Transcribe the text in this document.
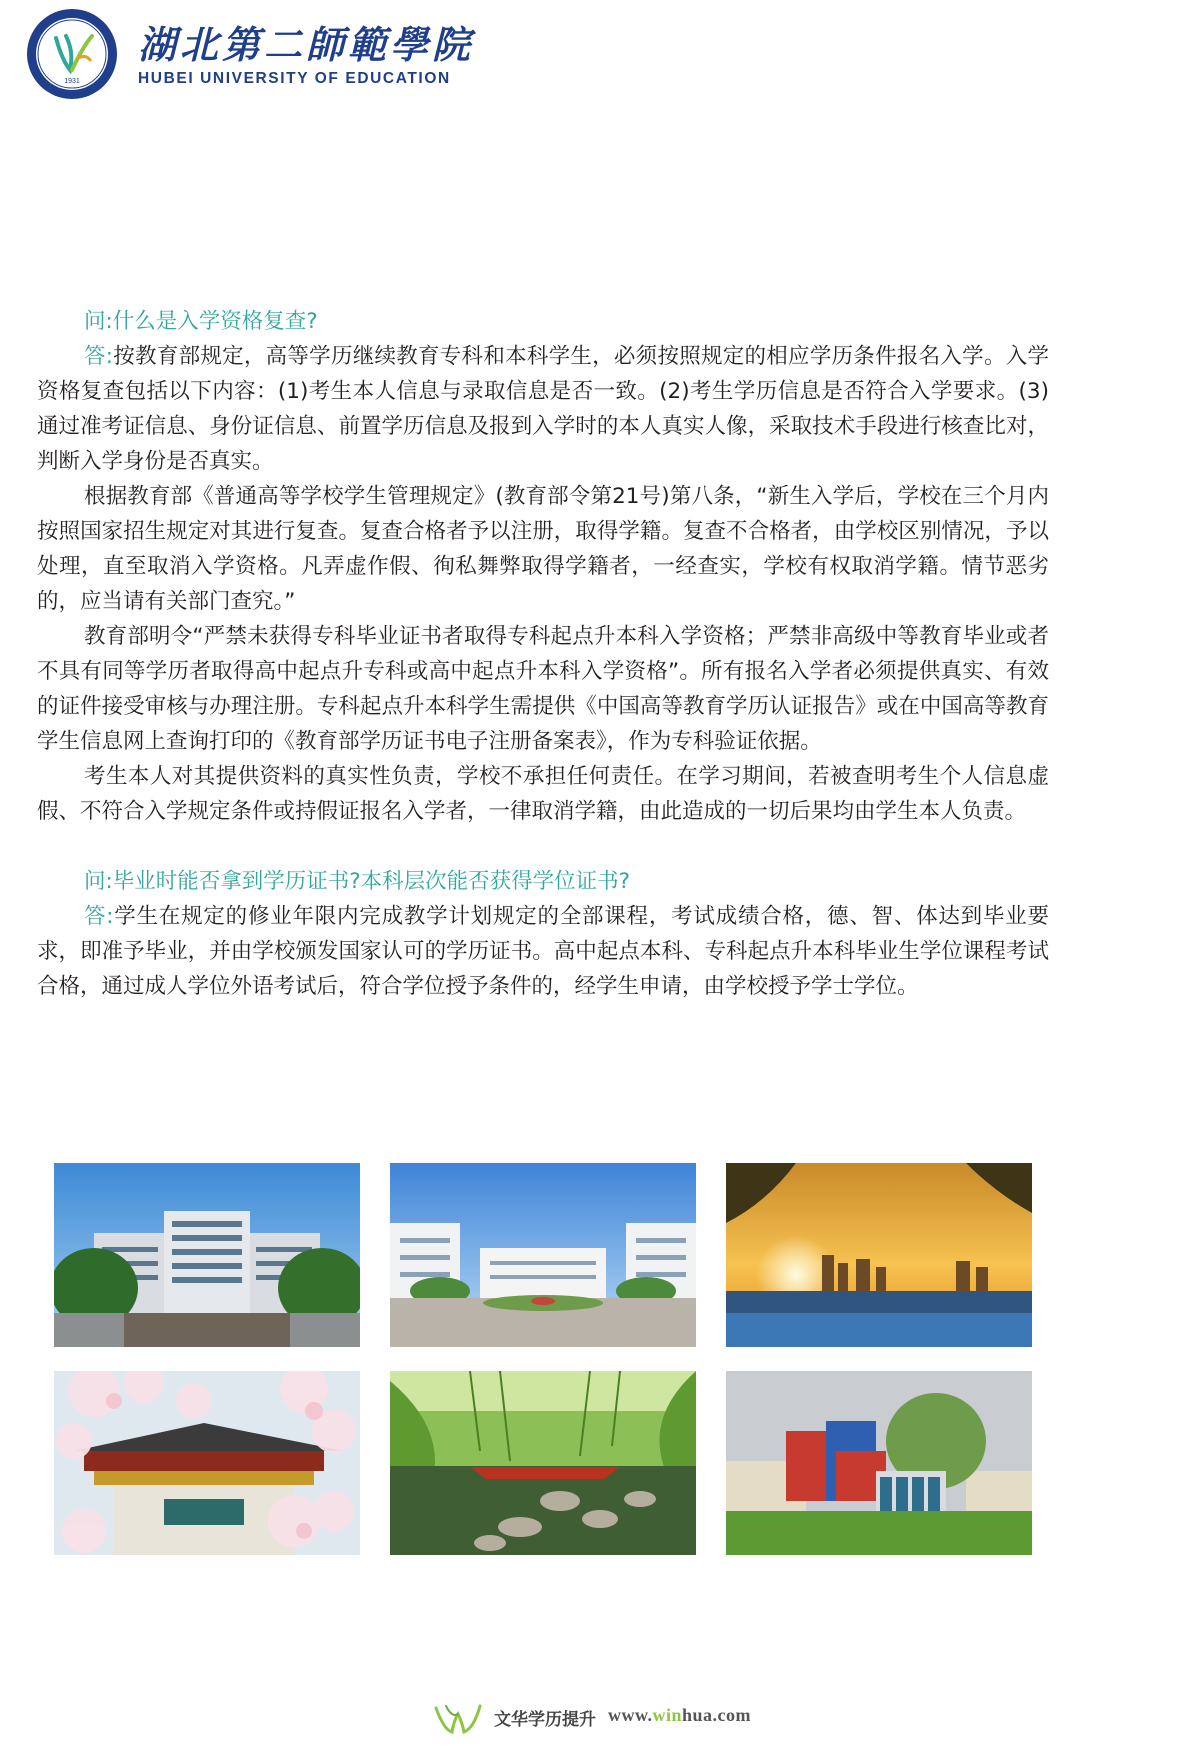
1931
湖北第二師範學院
HUBEI UNIVERSITY OF EDUCATION

问:什么是入学资格复查?

答:按教育部规定，高等学历继续教育专科和本科学生，必须按照规定的相应学历条件报名入学。入学资格复查包括以下内容：(1)考生本人信息与录取信息是否一致。(2)考生学历信息是否符合入学要求。(3)通过准考证信息、身份证信息、前置学历信息及报到入学时的本人真实人像，采取技术手段进行核查比对，判断入学身份是否真实。

根据教育部《普通高等学校学生管理规定》(教育部令第21号)第八条，“新生入学后，学校在三个月内按照国家招生规定对其进行复查。复查合格者予以注册，取得学籍。复查不合格者，由学校区别情况，予以处理，直至取消入学资格。凡弄虚作假、徇私舞弊取得学籍者，一经查实，学校有权取消学籍。情节恶劣的，应当请有关部门查究。”

教育部明令“严禁未获得专科毕业证书者取得专科起点升本科入学资格；严禁非高级中等教育毕业或者不具有同等学历者取得高中起点升专科或高中起点升本科入学资格”。所有报名入学者必须提供真实、有效的证件接受审核与办理注册。专科起点升本科学生需提供《中国高等教育学历认证报告》或在中国高等教育学生信息网上查询打印的《教育部学历证书电子注册备案表》，作为专科验证依据。

考生本人对其提供资料的真实性负责，学校不承担任何责任。在学习期间，若被查明考生个人信息虚假、不符合入学规定条件或持假证报名入学者，一律取消学籍，由此造成的一切后果均由学生本人负责。

问:毕业时能否拿到学历证书?本科层次能否获得学位证书?

答:学生在规定的修业年限内完成教学计划规定的全部课程，考试成绩合格，德、智、体达到毕业要求，即准予毕业，并由学校颁发国家认可的学历证书。高中起点本科、专科起点升本科毕业生学位课程考试合格，通过成人学位外语考试后，符合学位授予条件的，经学生申请，由学校授予学士学位。

文华学历提升 www.winhua.com
